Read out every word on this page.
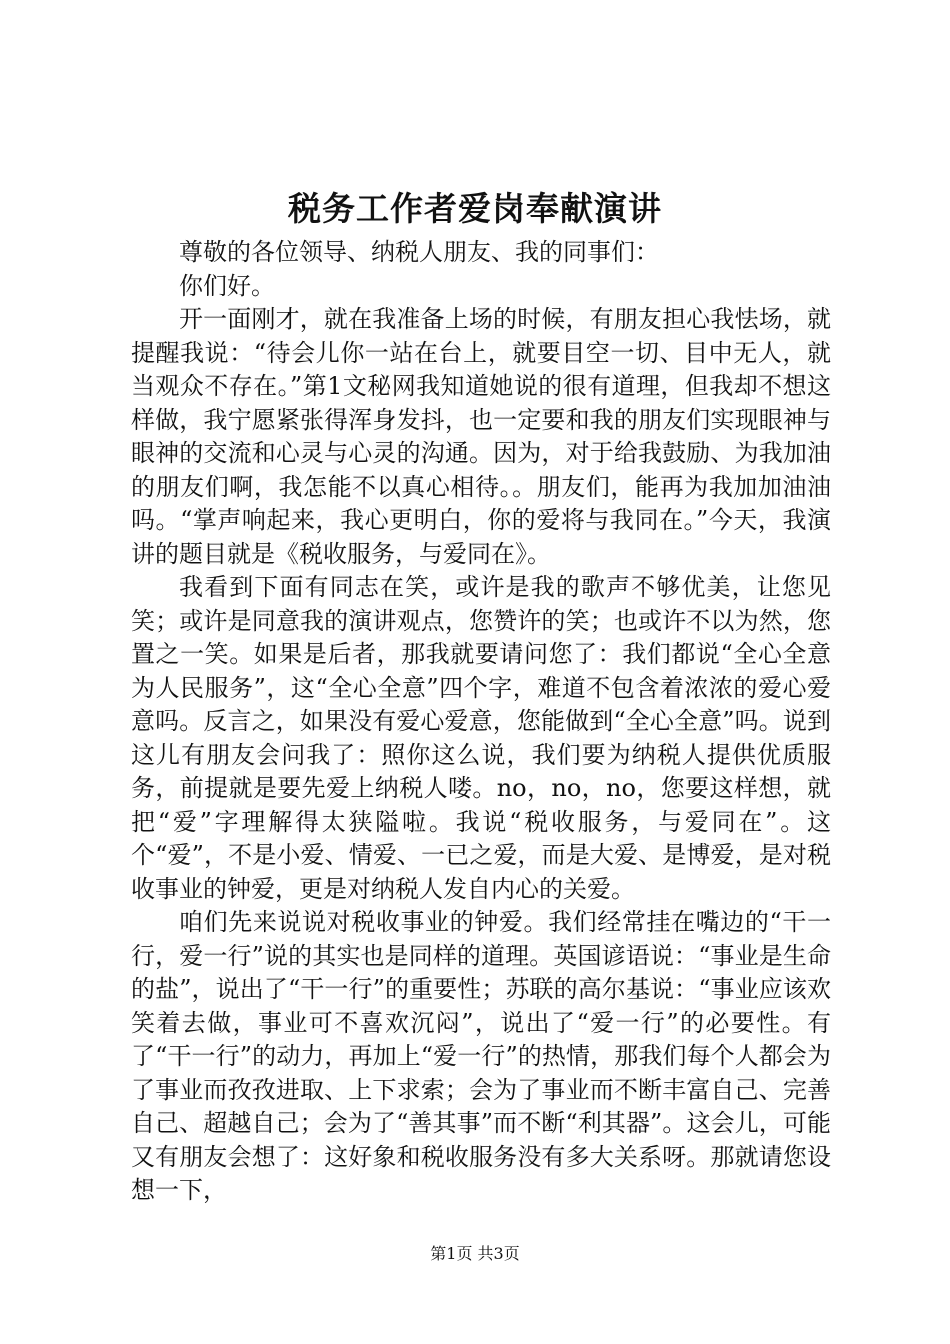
税务工作者爱岗奉献演讲

尊敬的各位领导、纳税人朋友、我的同事们：

你们好。

开一面刚才，就在我准备上场的时候，有朋友担心我怯场，就提醒我说：“待会儿你一站在台上，就要目空一切、目中无人，就当观众不存在。”第1文秘网我知道她说的很有道理，但我却不想这样做，我宁愿紧张得浑身发抖，也一定要和我的朋友们实现眼神与眼神的交流和心灵与心灵的沟通。因为，对于给我鼓励、为我加油的朋友们啊，我怎能不以真心相待。。朋友们，能再为我加加油油吗。“掌声响起来，我心更明白，你的爱将与我同在。”今天，我演讲的题目就是《税收服务，与爱同在》。

我看到下面有同志在笑，或许是我的歌声不够优美，让您见笑；或许是同意我的演讲观点，您赞许的笑；也或许不以为然，您置之一笑。如果是后者，那我就要请问您了：我们都说“全心全意为人民服务”，这“全心全意”四个字，难道不包含着浓浓的爱心爱意吗。反言之，如果没有爱心爱意，您能做到“全心全意”吗。说到这儿有朋友会问我了：照你这么说，我们要为纳税人提供优质服务，前提就是要先爱上纳税人喽。no，no，no，您要这样想，就把“爱”字理解得太狭隘啦。我说“税收服务，与爱同在”。这个“爱”，不是小爱、情爱、一已之爱，而是大爱、是博爱，是对税收事业的钟爱，更是对纳税人发自内心的关爱。

咱们先来说说对税收事业的钟爱。我们经常挂在嘴边的“干一行，爱一行”说的其实也是同样的道理。英国谚语说：“事业是生命的盐”，说出了“干一行”的重要性；苏联的高尔基说：“事业应该欢笑着去做，事业可不喜欢沉闷”，说出了“爱一行”的必要性。有了“干一行”的动力，再加上“爱一行”的热情，那我们每个人都会为了事业而孜孜进取、上下求索；会为了事业而不断丰富自己、完善自己、超越自己；会为了“善其事”而不断“利其器”。这会儿，可能又有朋友会想了：这好象和税收服务没有多大关系呀。那就请您设想一下，

第1页 共3页
